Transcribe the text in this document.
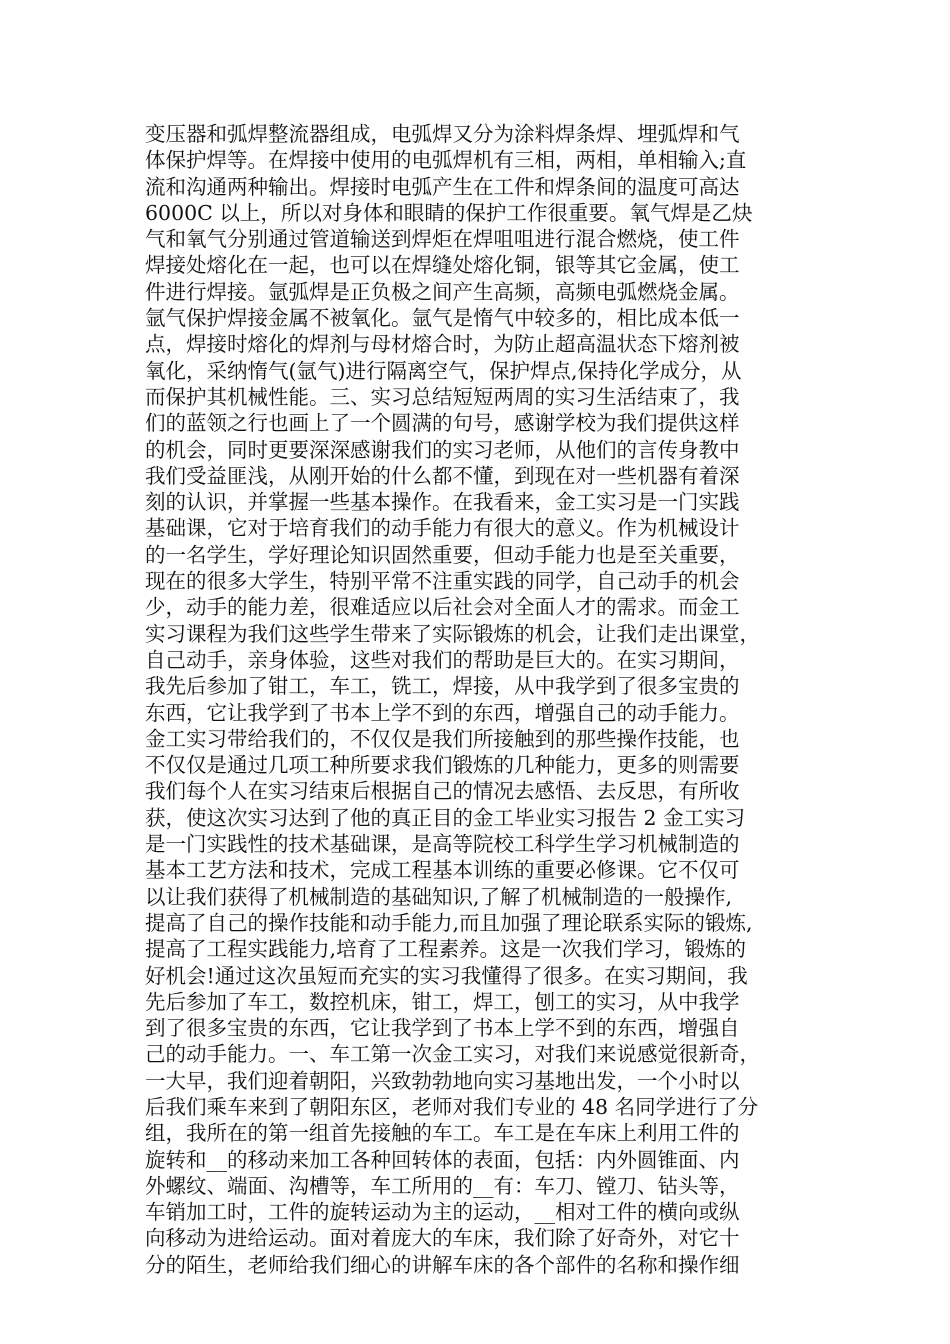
变压器和弧焊整流器组成，电弧焊又分为涂料焊条焊、埋弧焊和气
体保护焊等。在焊接中使用的电弧焊机有三相，两相，单相输入;直
流和沟通两种输出。焊接时电弧产生在工件和焊条间的温度可高达
6000C 以上，所以对身体和眼睛的保护工作很重要。氧气焊是乙炔
气和氧气分别通过管道输送到焊炬在焊咀咀进行混合燃烧，使工件
焊接处熔化在一起，也可以在焊缝处熔化铜，银等其它金属，使工
件进行焊接。氩弧焊是正负极之间产生高频，高频电弧燃烧金属。
氩气保护焊接金属不被氧化。氩气是惰气中较多的，相比成本低一
点，焊接时熔化的焊剂与母材熔合时，为防止超高温状态下熔剂被
氧化，采纳惰气(氩气)进行隔离空气，保护焊点,保持化学成分，从
而保护其机械性能。三、实习总结短短两周的实习生活结束了，我
们的蓝领之行也画上了一个圆满的句号，感谢学校为我们提供这样
的机会，同时更要深深感谢我们的实习老师，从他们的言传身教中
我们受益匪浅，从刚开始的什么都不懂，到现在对一些机器有着深
刻的认识，并掌握一些基本操作。在我看来，金工实习是一门实践
基础课，它对于培育我们的动手能力有很大的意义。作为机械设计
的一名学生，学好理论知识固然重要，但动手能力也是至关重要，
现在的很多大学生，特别平常不注重实践的同学，自己动手的机会
少，动手的能力差，很难适应以后社会对全面人才的需求。而金工
实习课程为我们这些学生带来了实际锻炼的机会，让我们走出课堂，
自己动手，亲身体验，这些对我们的帮助是巨大的。在实习期间，
我先后参加了钳工，车工，铣工，焊接，从中我学到了很多宝贵的
东西，它让我学到了书本上学不到的东西，增强自己的动手能力。
金工实习带给我们的，不仅仅是我们所接触到的那些操作技能，也
不仅仅是通过几项工种所要求我们锻炼的几种能力，更多的则需要
我们每个人在实习结束后根据自己的情况去感悟、去反思，有所收
获，使这次实习达到了他的真正目的金工毕业实习报告 2 金工实习
是一门实践性的技术基础课，是高等院校工科学生学习机械制造的
基本工艺方法和技术，完成工程基本训练的重要必修课。它不仅可
以让我们获得了机械制造的基础知识,了解了机械制造的一般操作,
提高了自己的操作技能和动手能力,而且加强了理论联系实际的锻炼,
提高了工程实践能力,培育了工程素养。这是一次我们学习，锻炼的
好机会!通过这次虽短而充实的实习我懂得了很多。在实习期间，我
先后参加了车工，数控机床，钳工，焊工，刨工的实习，从中我学
到了很多宝贵的东西，它让我学到了书本上学不到的东西，增强自
己的动手能力。一、车工第一次金工实习，对我们来说感觉很新奇，
一大早，我们迎着朝阳，兴致勃勃地向实习基地出发，一个小时以
后我们乘车来到了朝阳东区，老师对我们专业的 48 名同学进行了分
组，我所在的第一组首先接触的车工。车工是在车床上利用工件的
旋转和__的移动来加工各种回转体的表面，包括：内外圆锥面、内
外螺纹、端面、沟槽等，车工所用的__有：车刀、镗刀、钻头等，
车销加工时，工件的旋转运动为主的运动，__相对工件的横向或纵
向移动为进给运动。面对着庞大的车床，我们除了好奇外，对它十
分的陌生，老师给我们细心的讲解车床的各个部件的名称和操作细
